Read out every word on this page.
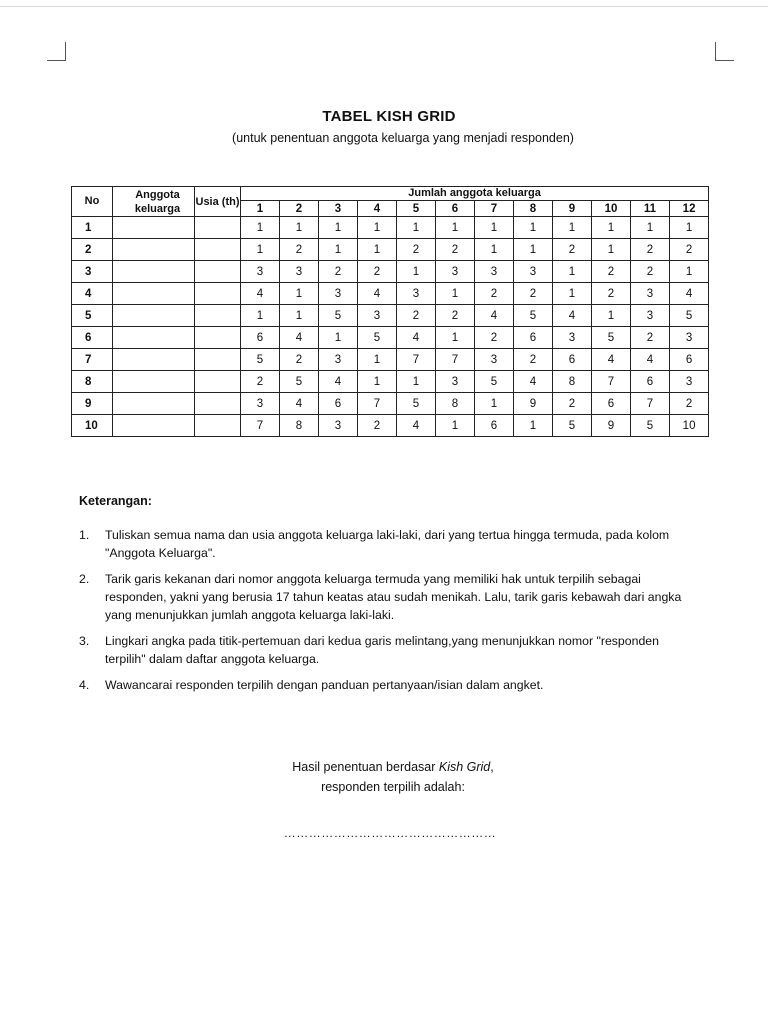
TABEL KISH GRID
(untuk penentuan anggota keluarga yang menjadi responden)
No	Anggota keluarga	Usia (th)	Jumlah anggota keluarga											
			1	2	3	4	5	6	7	8	9	10	11	12
1			1	1	1	1	1	1	1	1	1	1	1	1
2			1	2	1	1	2	2	1	1	2	1	2	2
3			3	3	2	2	1	3	3	3	1	2	2	1
4			4	1	3	4	3	1	2	2	1	2	3	4
5			1	1	5	3	2	2	4	5	4	1	3	5
6			6	4	1	5	4	1	2	6	3	5	2	3
7			5	2	3	1	7	7	3	2	6	4	4	6
8			2	5	4	1	1	3	5	4	8	7	6	3
9			3	4	6	7	5	8	1	9	2	6	7	2
10			7	8	3	2	4	1	6	1	5	9	5	10
Keterangan:
1. Tuliskan semua nama dan usia anggota keluarga laki-laki, dari yang tertua hingga termuda, pada kolom "Anggota Keluarga".
2. Tarik garis kekanan dari nomor anggota keluarga termuda yang memiliki hak untuk terpilih sebagai responden, yakni yang berusia 17 tahun keatas atau sudah menikah. Lalu, tarik garis kebawah dari angka yang menunjukkan jumlah anggota keluarga laki-laki.
3. Lingkari angka pada titik-pertemuan dari kedua garis melintang,yang menunjukkan nomor "responden terpilih" dalam daftar anggota keluarga.
4. Wawancarai responden terpilih dengan panduan pertanyaan/isian dalam angket.
Hasil penentuan berdasar Kish Grid,
responden terpilih adalah:
……………………………………………
